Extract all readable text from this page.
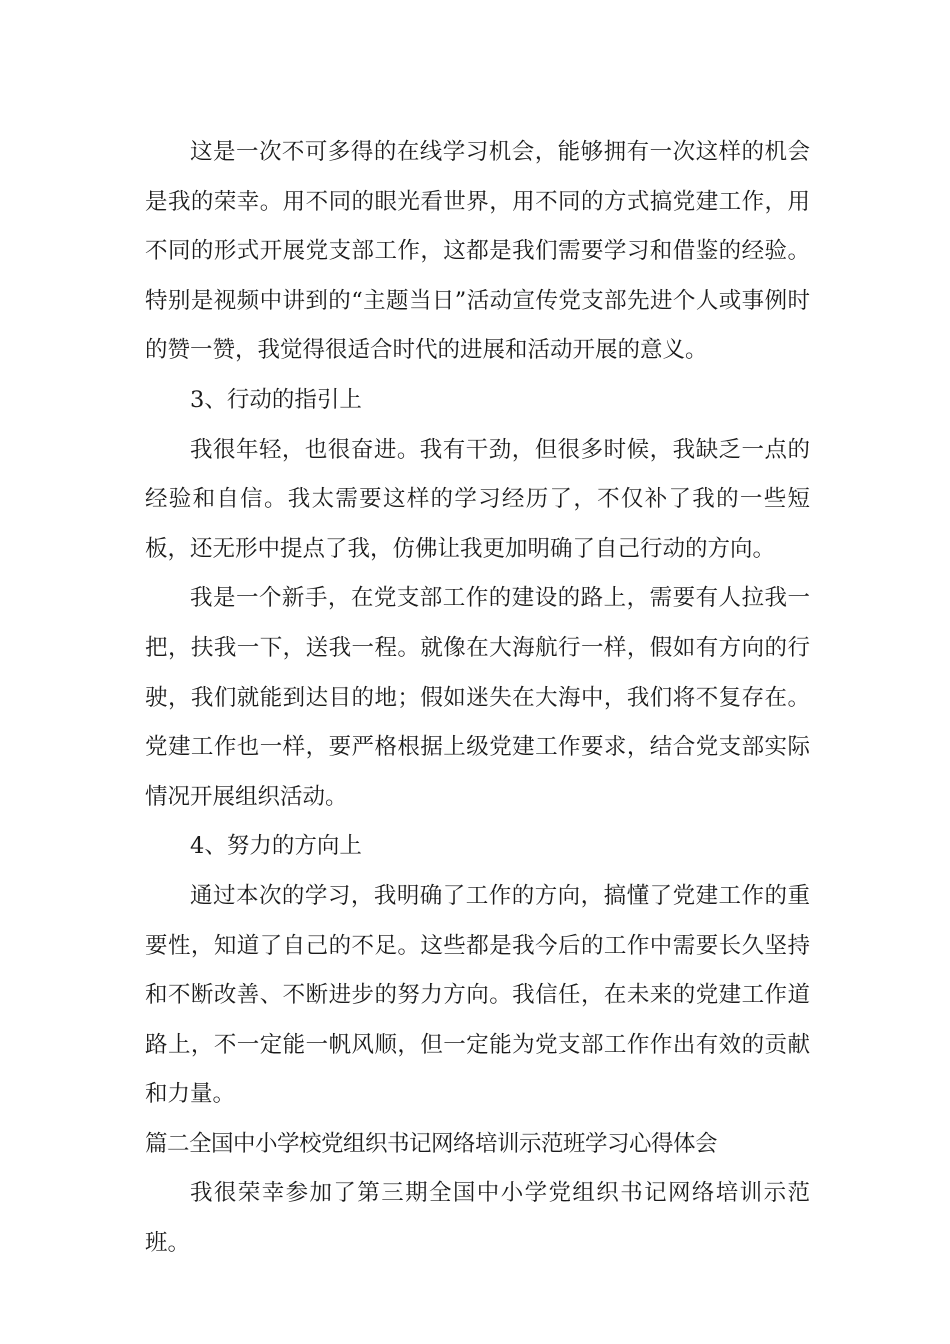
这是一次不可多得的在线学习机会，能够拥有一次这样的机会是我的荣幸。用不同的眼光看世界，用不同的方式搞党建工作，用不同的形式开展党支部工作，这都是我们需要学习和借鉴的经验。特别是视频中讲到的“主题当日”活动宣传党支部先进个人或事例时的赞一赞，我觉得很适合时代的进展和活动开展的意义。

3、行动的指引上

我很年轻，也很奋进。我有干劲，但很多时候，我缺乏一点的经验和自信。我太需要这样的学习经历了，不仅补了我的一些短板，还无形中提点了我，仿佛让我更加明确了自己行动的方向。

我是一个新手，在党支部工作的建设的路上，需要有人拉我一把，扶我一下，送我一程。就像在大海航行一样，假如有方向的行驶，我们就能到达目的地；假如迷失在大海中，我们将不复存在。党建工作也一样，要严格根据上级党建工作要求，结合党支部实际情况开展组织活动。

4、努力的方向上

通过本次的学习，我明确了工作的方向，搞懂了党建工作的重要性，知道了自己的不足。这些都是我今后的工作中需要长久坚持和不断改善、不断进步的努力方向。我信任，在未来的党建工作道路上，不一定能一帆风顺，但一定能为党支部工作作出有效的贡献和力量。

篇二全国中小学校党组织书记网络培训示范班学习心得体会

我很荣幸参加了第三期全国中小学党组织书记网络培训示范班。
